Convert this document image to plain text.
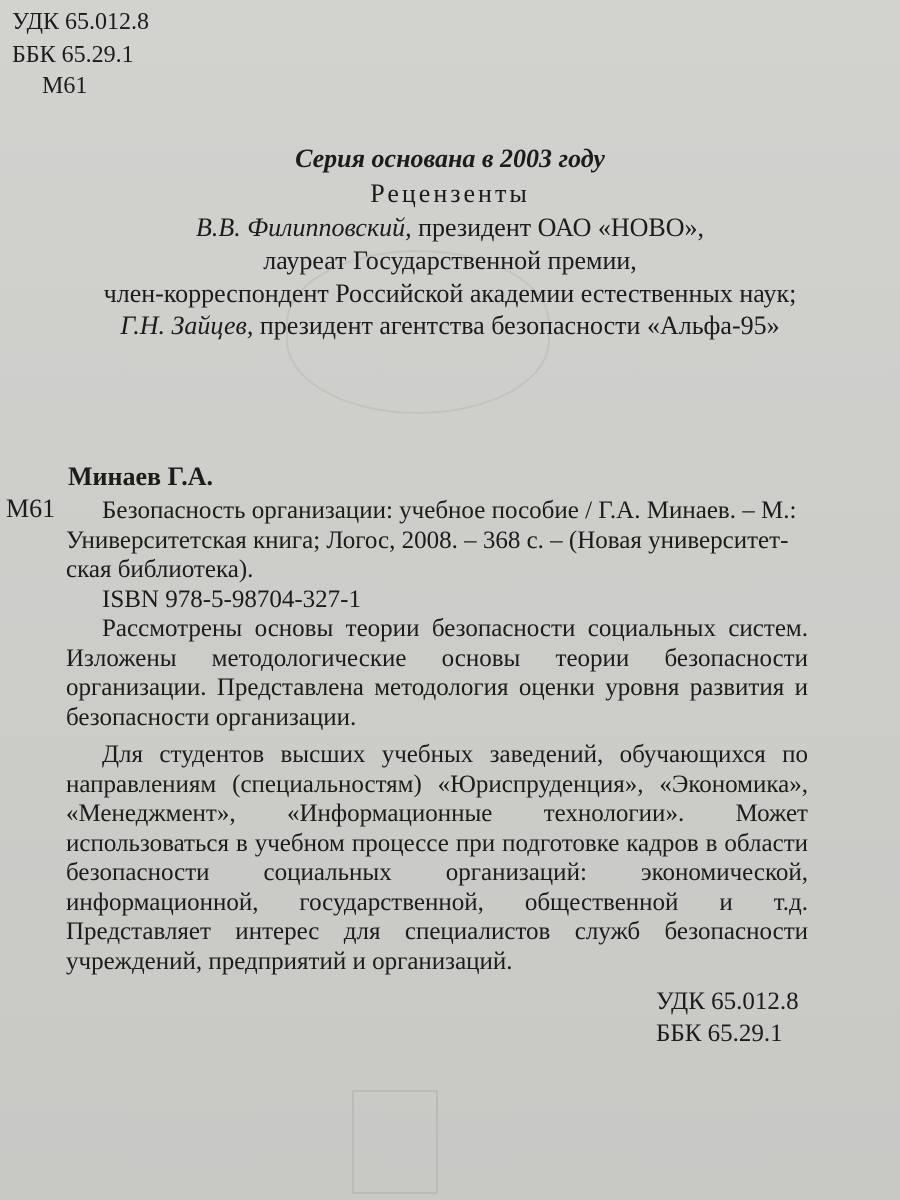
УДК 65.012.8
ББК 65.29.1
М61
Серия основана в 2003 году
Рецензенты
В.В. Филипповский, президент ОАО «НОВО»,
лауреат Государственной премии,
член-корреспондент Российской академии естественных наук;
Г.Н. Зайцев, президент агентства безопасности «Альфа-95»
Минаев Г.А.
М61	Безопасность организации: учебное пособие / Г.А. Минаев. – М.:
Университетская книга; Логос, 2008. – 368 с. – (Новая университет-
ская библиотека).
ISBN 978-5-98704-327-1
Рассмотрены основы теории безопасности социальных систем. Изложены методологические основы теории безопасности организации. Представлена методология оценки уровня развития и безопасности организации.
Для студентов высших учебных заведений, обучающихся по направлениям (специальностям) «Юриспруденция», «Экономика», «Менеджмент», «Информационные технологии». Может использоваться в учебном процессе при подготовке кадров в области безопасности социальных организаций: экономической, информационной, государственной, общественной и т.д. Представляет интерес для специалистов служб безопасности учреждений, предприятий и организаций.
УДК 65.012.8
ББК 65.29.1
